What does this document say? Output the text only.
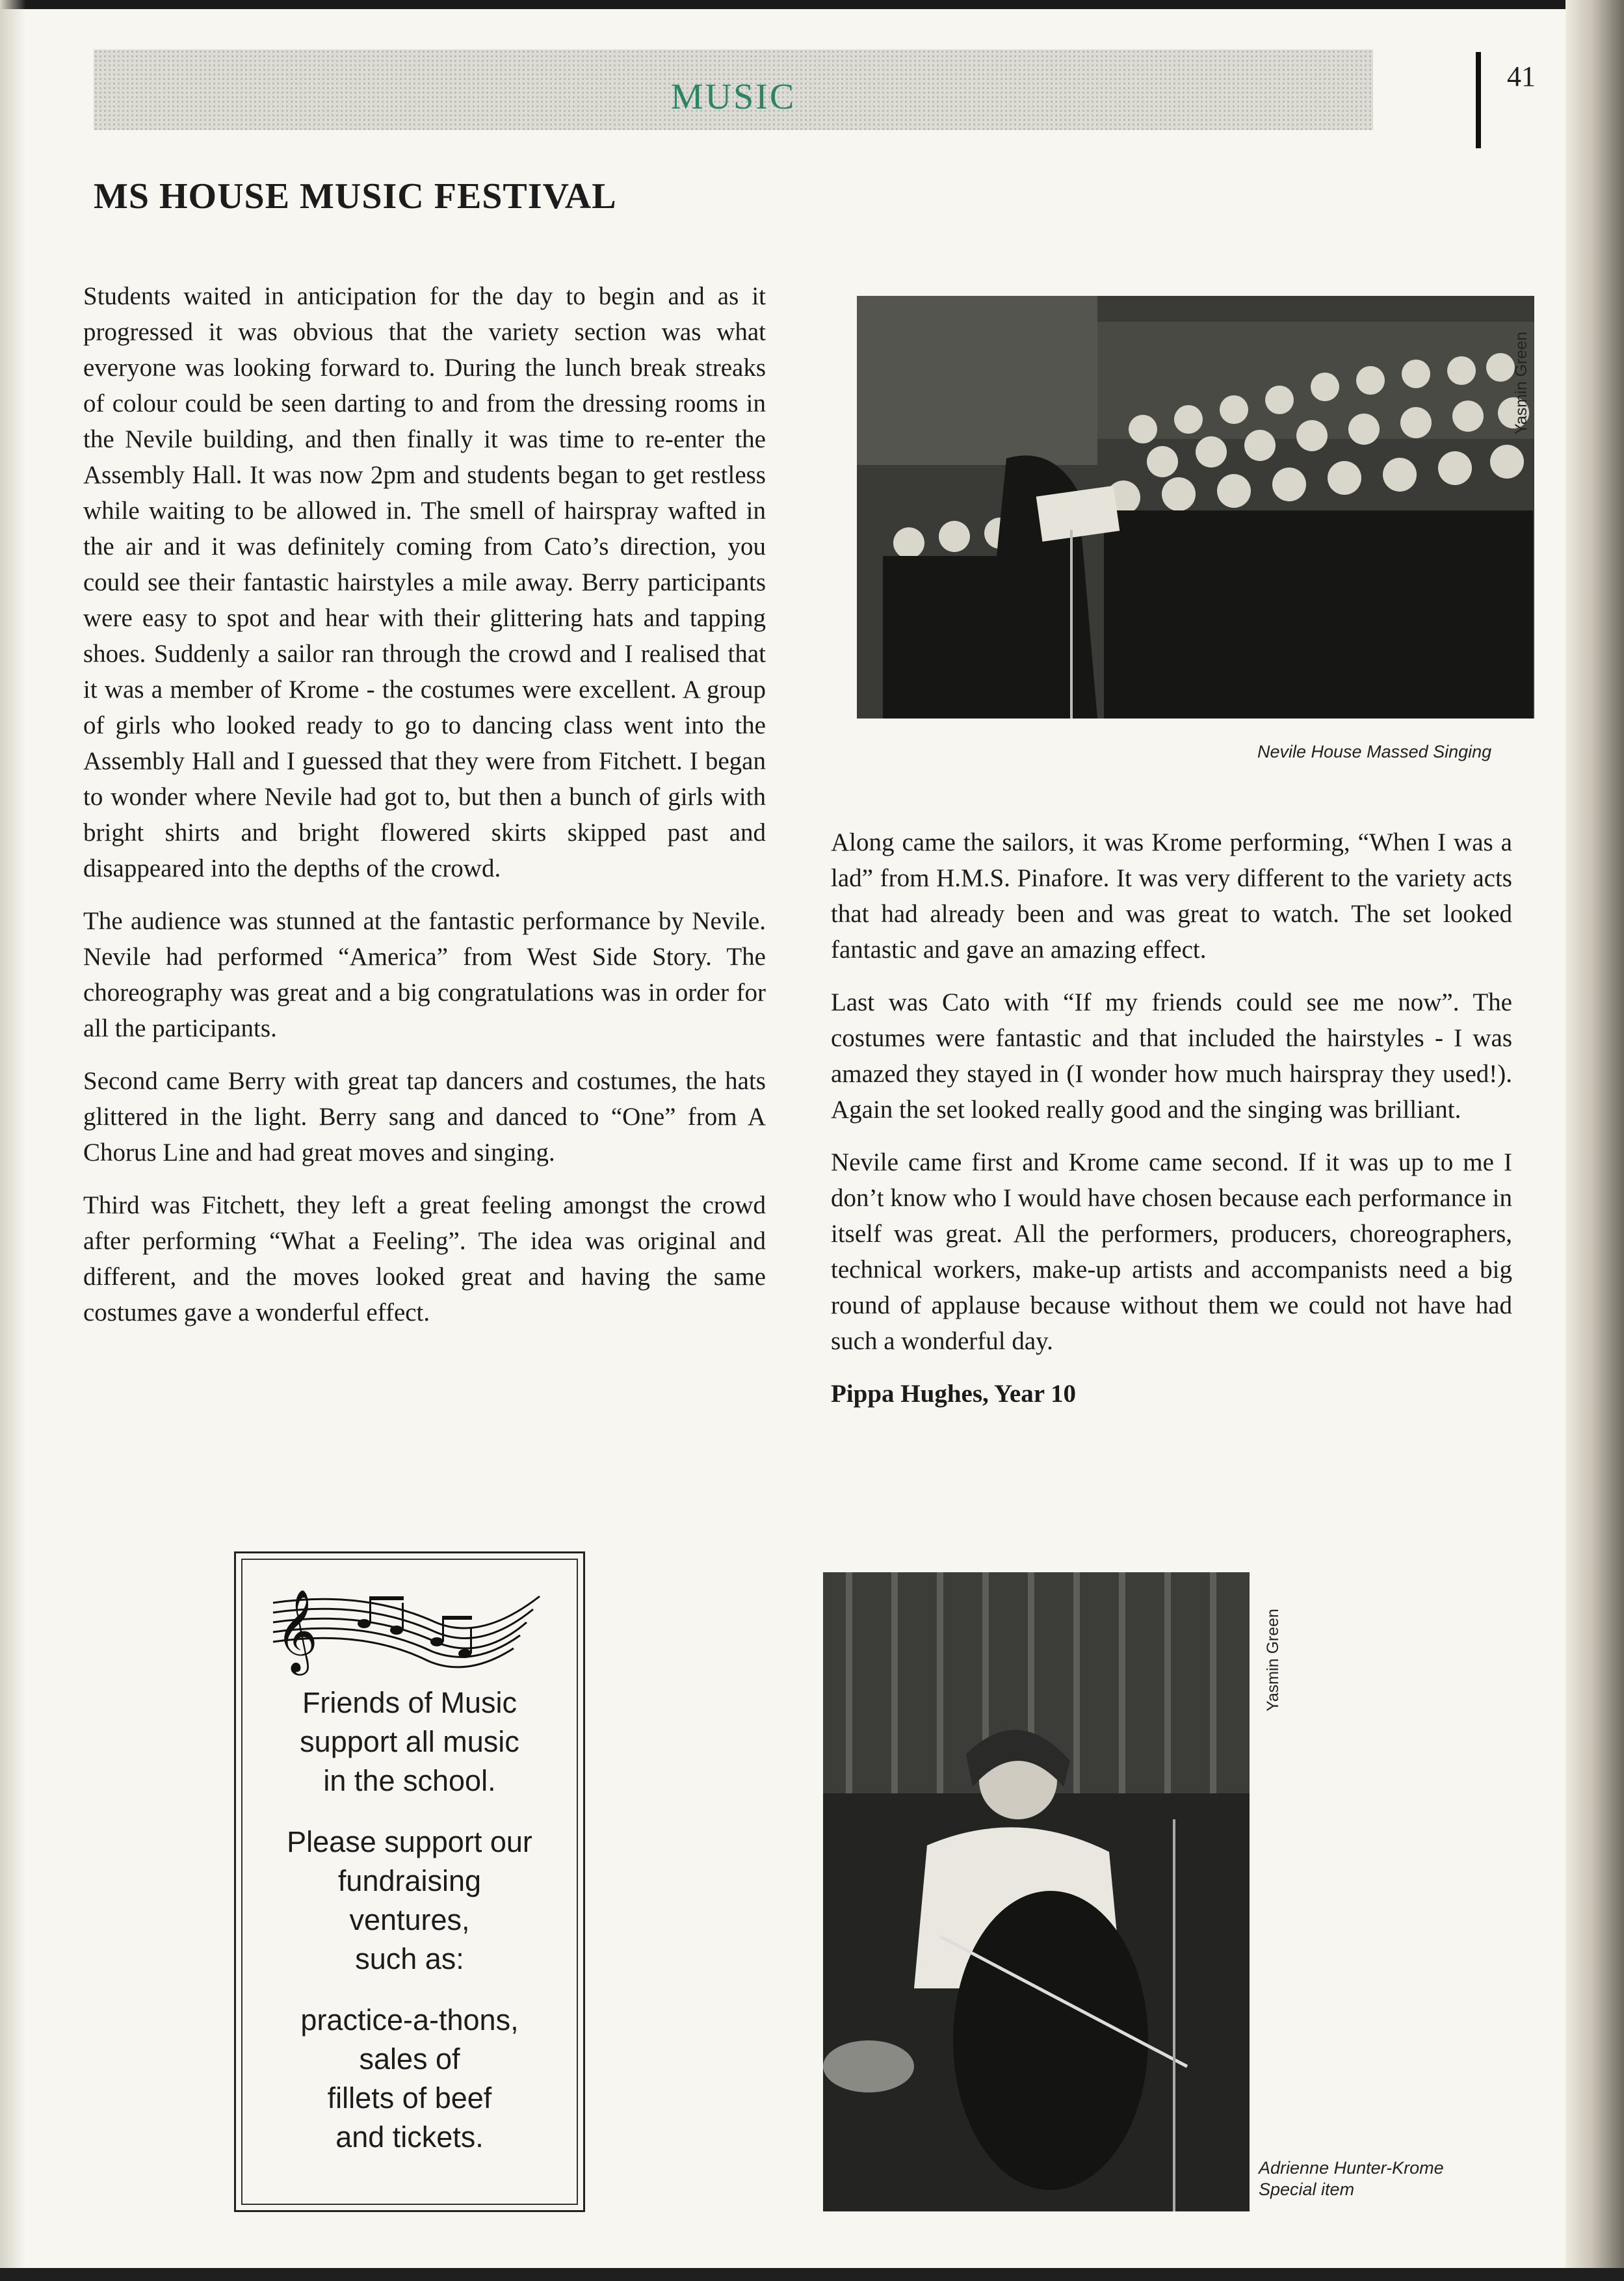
MUSIC
41
MS HOUSE MUSIC FESTIVAL

Students waited in anticipation for the day to begin and as it progressed it was obvious that the variety section was what everyone was looking forward to. During the lunch break streaks of colour could be seen darting to and from the dressing rooms in the Nevile building, and then finally it was time to re-enter the Assembly Hall. It was now 2pm and students began to get restless while waiting to be allowed in. The smell of hairspray wafted in the air and it was definitely coming from Cato’s direction, you could see their fantastic hairstyles a mile away. Berry participants were easy to spot and hear with their glittering hats and tapping shoes. Suddenly a sailor ran through the crowd and I realised that it was a member of Krome - the costumes were excellent. A group of girls who looked ready to go to dancing class went into the Assembly Hall and I guessed that they were from Fitchett. I began to wonder where Nevile had got to, but then a bunch of girls with bright shirts and bright flowered skirts skipped past and disappeared into the depths of the crowd.

The audience was stunned at the fantastic performance by Nevile. Nevile had performed “America” from West Side Story. The choreography was great and a big congratulations was in order for all the participants.

Second came Berry with great tap dancers and costumes, the hats glittered in the light. Berry sang and danced to “One” from A Chorus Line and had great moves and singing.

Third was Fitchett, they left a great feeling amongst the crowd after performing “What a Feeling”. The idea was original and different, and the moves looked great and having the same costumes gave a wonderful effect.

Along came the sailors, it was Krome performing, “When I was a lad” from H.M.S. Pinafore. It was very different to the variety acts that had already been and was great to watch. The set looked fantastic and gave an amazing effect.

Last was Cato with “If my friends could see me now”. The costumes were fantastic and that included the hairstyles - I was amazed they stayed in (I wonder how much hairspray they used!). Again the set looked really good and the singing was brilliant.

Nevile came first and Krome came second. If it was up to me I don’t know who I would have chosen because each performance in itself was great. All the performers, producers, choreographers, technical workers, make-up artists and accompanists need a big round of applause because without them we could not have had such a wonderful day.

Pippa Hughes, Year 10

Yasmin Green
Nevile House Massed Singing
Yasmin Green
Adrienne Hunter-Krome
Special item
𝄞
Friends of Music
support all music
in the school.
Please support our
fundraising
ventures,
such as:
practice-a-thons,
sales of
fillets of beef
and tickets.
